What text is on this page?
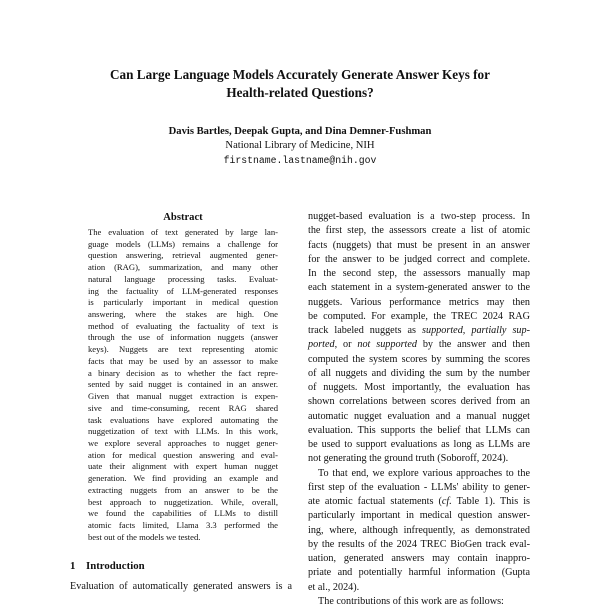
Can Large Language Models Accurately Generate Answer Keys for
Health-related Questions?
Davis Bartles, Deepak Gupta, and Dina Demner-Fushman
National Library of Medicine, NIH
firstname.lastname@nih.gov
Abstract
The evaluation of text generated by large lan-
guage models (LLMs) remains a challenge for
question answering, retrieval augmented gener-
ation (RAG), summarization, and many other
natural language processing tasks. Evaluat-
ing the factuality of LLM-generated responses
is particularly important in medical question
answering, where the stakes are high. One
method of evaluating the factuality of text is
through the use of information nuggets (answer
keys). Nuggets are text representing atomic
facts that may be used by an assessor to make
a binary decision as to whether the fact repre-
sented by said nugget is contained in an answer.
Given that manual nugget extraction is expen-
sive and time-consuming, recent RAG shared
task evaluations have explored automating the
nuggetization of text with LLMs. In this work,
we explore several approaches to nugget gener-
ation for medical question answering and eval-
uate their alignment with expert human nugget
generation. We find providing an example and
extracting nuggets from an answer to be the
best approach to nuggetization. While, overall,
we found the capabilities of LLMs to distill
atomic facts limited, Llama 3.3 performed the
best out of the models we tested.
1 Introduction
Evaluation of automatically generated answers is a
nugget-based evaluation is a two-step process. In
the first step, the assessors create a list of atomic
facts (nuggets) that must be present in an answer
for the answer to be judged correct and complete.
In the second step, the assessors manually map
each statement in a system-generated answer to the
nuggets. Various performance metrics may then
be computed. For example, the TREC 2024 RAG
track labeled nuggets as supported, partially sup-
ported, or not supported by the answer and then
computed the system scores by summing the scores
of all nuggets and dividing the sum by the number
of nuggets. Most importantly, the evaluation has
shown correlations between scores derived from an
automatic nugget evaluation and a manual nugget
evaluation. This supports the belief that LLMs can
be used to support evaluations as long as LLMs are
not generating the ground truth (Soboroff, 2024).
To that end, we explore various approaches to the
first step of the evaluation - LLMs' ability to gener-
ate atomic factual statements (cf. Table 1). This is
particularly important in medical question answer-
ing, where, although infrequently, as demonstrated
by the results of the 2024 TREC BioGen track eval-
uation, generated answers may contain inappro-
priate and potentially harmful information (Gupta
et al., 2024).
The contributions of this work are as follows:
